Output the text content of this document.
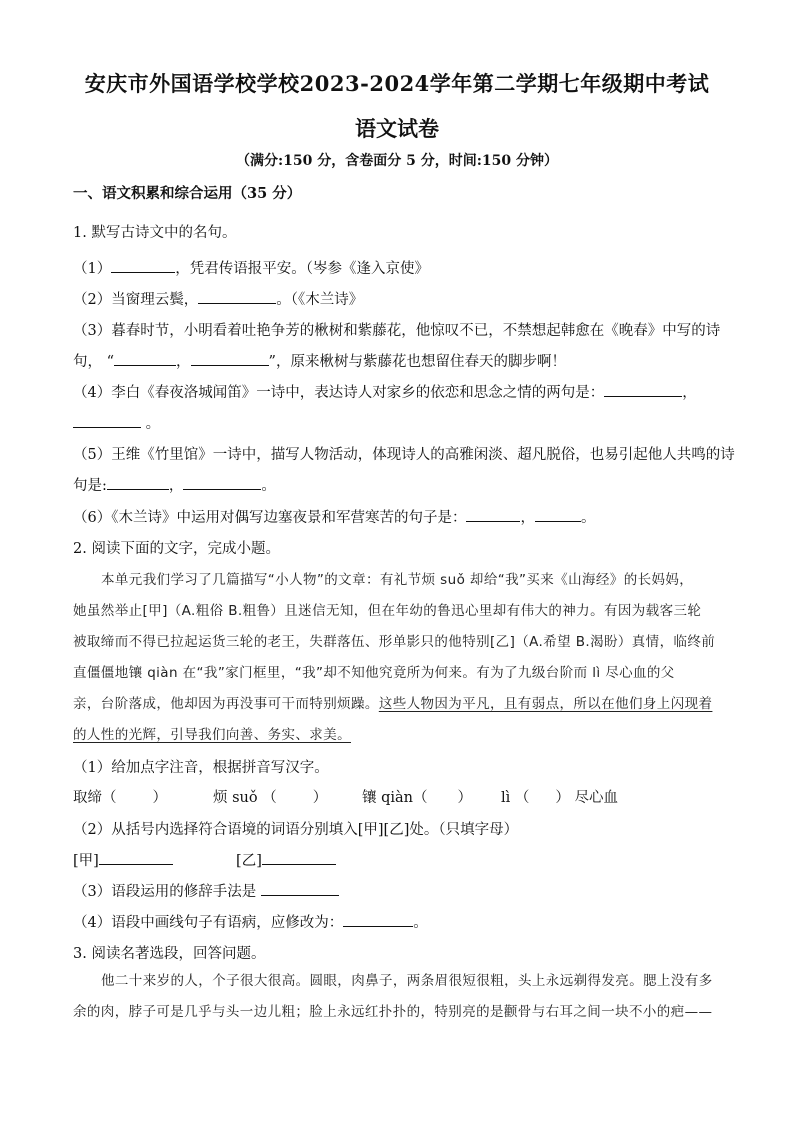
安庆市外国语学校学校2023-2024学年第二学期七年级期中考试
语文试卷
（满分:150 分，含卷面分 5 分，时间:150 分钟）
一、语文积累和综合运用（35 分）
1. 默写古诗文中的名句。
（1）	，凭君传语报平安。（岑参《逢入京使》
（2）当窗理云鬓，	。（《木兰诗》
（3）暮春时节，小明看着吐艳争芳的楸树和紫藤花，他惊叹不已，不禁想起韩愈在《晚春》中写的诗
句， “	，	”，原来楸树与紫藤花也想留住春天的脚步啊！
（4）李白《春夜洛城闻笛》一诗中，表达诗人对家乡的依恋和思念之情的两句是：	，
。
（5）王维《竹里馆》一诗中，描写人物活动，体现诗人的高雅闲淡、超凡脱俗，也易引起他人共鸣的诗
句是:	，	。
（6）《木兰诗》中运用对偶写边塞夜景和军营寒苦的句子是：	，	。
2. 阅读下面的文字，完成小题。
本单元我们学习了几篇描写“小人物”的文章：有礼节烦 suǒ 却给“我”买来《山海经》的长妈妈，
她虽然举止[甲]（A.粗俗 B.粗鲁）且迷信无知，但在年幼的鲁迅心里却有伟大的神力。有因为载客三轮
被取缔而不得已拉起运货三轮的老王，失群落伍、形单影只的他特别[乙]（A.希望 B.渴盼）真情，临终前
直僵僵地镶 qiàn 在“我”家门框里，“我”却不知他究竟所为何来。有为了九级台阶而 lì 尽心血的父
亲，台阶落成，他却因为再没事可干而特别烦躁。这些人物因为平凡，且有弱点，所以在他们身上闪现着
的人性的光辉，引导我们向善、务实、求美。
（1）给加点字注音，根据拼音写汉字。
取缔（ ）	烦 suǒ （ ） 镶 qiàn（ ） lì （ ） 尽心血
（2）从括号内选择符合语境的词语分别填入[甲][乙]处。（只填字母）
[甲]	[乙]
（3）语段运用的修辞手法是
（4）语段中画线句子有语病，应修改为：	。
3. 阅读名著选段，回答问题。
他二十来岁的人，个子很大很高。圆眼，肉鼻子，两条眉很短很粗，头上永远剃得发亮。腮上没有多
余的肉，脖子可是几乎与头一边儿粗；脸上永远红扑扑的，特别亮的是颧骨与右耳之间一块不小的疤——
